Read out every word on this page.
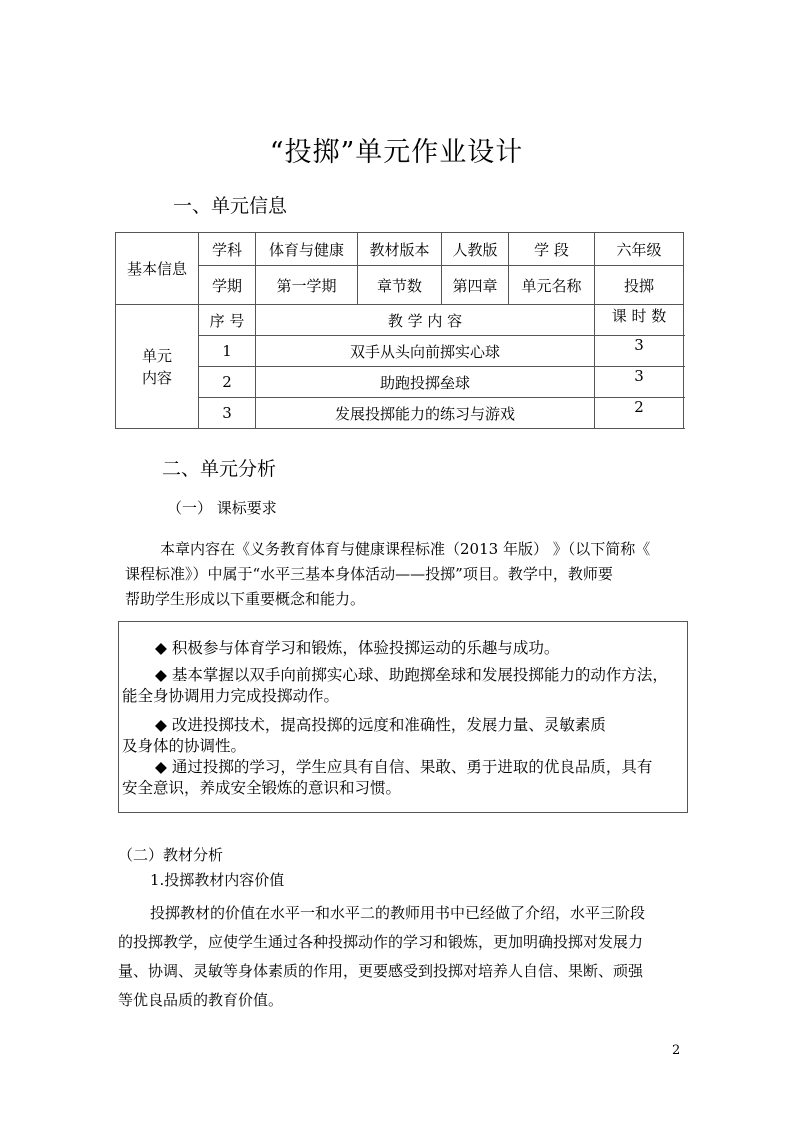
“投掷”单元作业设计
一、单元信息
基本信息	学科	体育与健康	教材版本	人教版	学 段	六年级
	学期	第一学期	章节数	第四章	单元名称	投掷

单元
内容	序 号	教 学 内 容				课 时 数
	1	双手从头向前掷实心球				3
	2	助跑投掷垒球				3
	3	发展投掷能力的练习与游戏				2
二、单元分析
（一） 课标要求
本章内容在《义务教育体育与健康课程标准（2013 年版） 》（以下简称《
课程标准》）中属于“水平三基本身体活动——投掷”项目。教学中，教师要
帮助学生形成以下重要概念和能力。
◆ 积极参与体育学习和锻炼，体验投掷运动的乐趣与成功。
◆ 基本掌握以双手向前掷实心球、助跑掷垒球和发展投掷能力的动作方法，
能全身协调用力完成投掷动作。
◆ 改进投掷技术，提高投掷的远度和准确性，发展力量、灵敏素质
及身体的协调性。
◆ 通过投掷的学习，学生应具有自信、果敢、勇于进取的优良品质，具有
安全意识，养成安全锻炼的意识和习惯。
（二）教材分析
1.投掷教材内容价值
投掷教材的价值在水平一和水平二的教师用书中已经做了介绍，水平三阶段
的投掷教学，应使学生通过各种投掷动作的学习和锻炼，更加明确投掷对发展力
量、协调、灵敏等身体素质的作用，更要感受到投掷对培养人自信、果断、顽强
等优良品质的教育价值。
2
